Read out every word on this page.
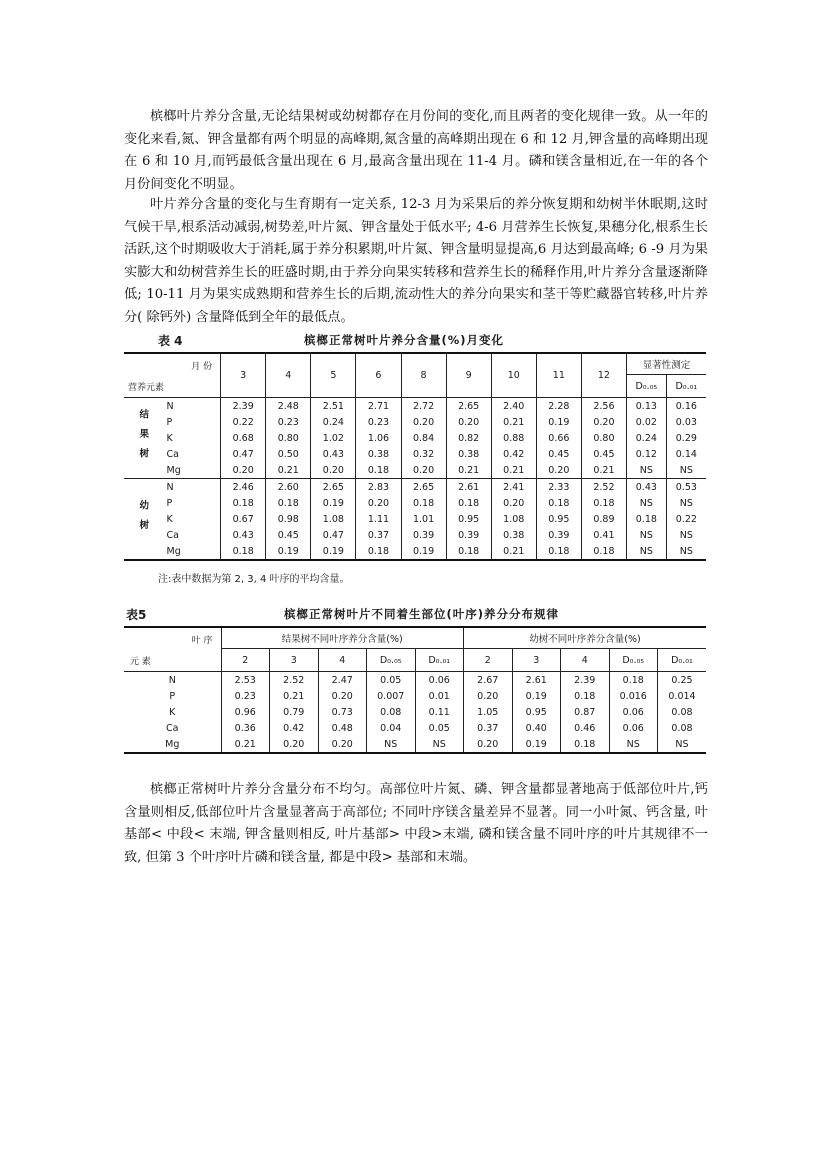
槟榔叶片养分含量,无论结果树或幼树都存在月份间的变化,而且两者的变化规律一致。从一年的变化来看,氮、钾含量都有两个明显的高峰期,氮含量的高峰期出现在 6 和 12 月,钾含量的高峰期出现在 6 和 10 月,而钙最低含量出现在 6 月,最高含量出现在 11-4 月。磷和镁含量相近,在一年的各个月份间变化不明显。

叶片养分含量的变化与生育期有一定关系, 12-3 月为采果后的养分恢复期和幼树半休眠期,这时气候干旱,根系活动减弱,树势差,叶片氮、钾含量处于低水平; 4-6 月营养生长恢复,果穗分化,根系生长活跃,这个时期吸收大于消耗,属于养分积累期,叶片氮、钾含量明显提高,6 月达到最高峰; 6 -9 月为果实膨大和幼树营养生长的旺盛时期,由于养分向果实转移和营养生长的稀释作用,叶片养分含量逐渐降低; 10-11 月为果实成熟期和营养生长的后期,流动性大的养分向果实和茎干等贮藏器官转移,叶片养分( 除钙外) 含量降低到全年的最低点。

表 4	槟榔正常树叶片养分含量(%)月变化
月 份
营养元素		3	4	5	6	8	9	10	11	12	显著性测定	
											D₀.₀₅	D₀.₀₁
结果树	N	2.39	2.48	2.51	2.71	2.72	2.65	2.40	2.28	2.56	0.13	0.16
	P	0.22	0.23	0.24	0.23	0.20	0.20	0.21	0.19	0.20	0.02	0.03
	K	0.68	0.80	1.02	1.06	0.84	0.82	0.88	0.66	0.80	0.24	0.29
	Ca	0.47	0.50	0.43	0.38	0.32	0.38	0.42	0.45	0.45	0.12	0.14
	Mg	0.20	0.21	0.20	0.18	0.20	0.21	0.21	0.20	0.21	NS	NS
幼树	N	2.46	2.60	2.65	2.83	2.65	2.61	2.41	2.33	2.52	0.43	0.53
	P	0.18	0.18	0.19	0.20	0.18	0.18	0.20	0.18	0.18	NS	NS
	K	0.67	0.98	1.08	1.11	1.01	0.95	1.08	0.95	0.89	0.18	0.22
	Ca	0.43	0.45	0.47	0.37	0.39	0.39	0.38	0.39	0.41	NS	NS
	Mg	0.18	0.19	0.19	0.18	0.19	0.18	0.21	0.18	0.18	NS	NS
注:表中数据为第 2, 3, 4 叶序的平均含量。
表5	槟榔正常树叶片不同着生部位(叶序)养分分布规律
叶 序
元 素	结果树不同叶序养分含量(%)					幼树不同叶序养分含量(%)				
	2	3	4	D₀.₀₅	D₀.₀₁	2	3	4	D₀.₀₅	D₀.₀₁
N	2.53	2.52	2.47	0.05	0.06	2.67	2.61	2.39	0.18	0.25
P	0.23	0.21	0.20	0.007	0.01	0.20	0.19	0.18	0.016	0.014
K	0.96	0.79	0.73	0.08	0.11	1.05	0.95	0.87	0.06	0.08
Ca	0.36	0.42	0.48	0.04	0.05	0.37	0.40	0.46	0.06	0.08
Mg	0.21	0.20	0.20	NS	NS	0.20	0.19	0.18	NS	NS

槟榔正常树叶片养分含量分布不均匀。高部位叶片氮、磷、钾含量都显著地高于低部位叶片,钙含量则相反,低部位叶片含量显著高于高部位; 不同叶序镁含量差异不显著。同一小叶氮、钙含量, 叶基部< 中段< 末端, 钾含量则相反, 叶片基部> 中段>末端, 磷和镁含量不同叶序的叶片其规律不一致, 但第 3 个叶序叶片磷和镁含量, 都是中段> 基部和末端。
